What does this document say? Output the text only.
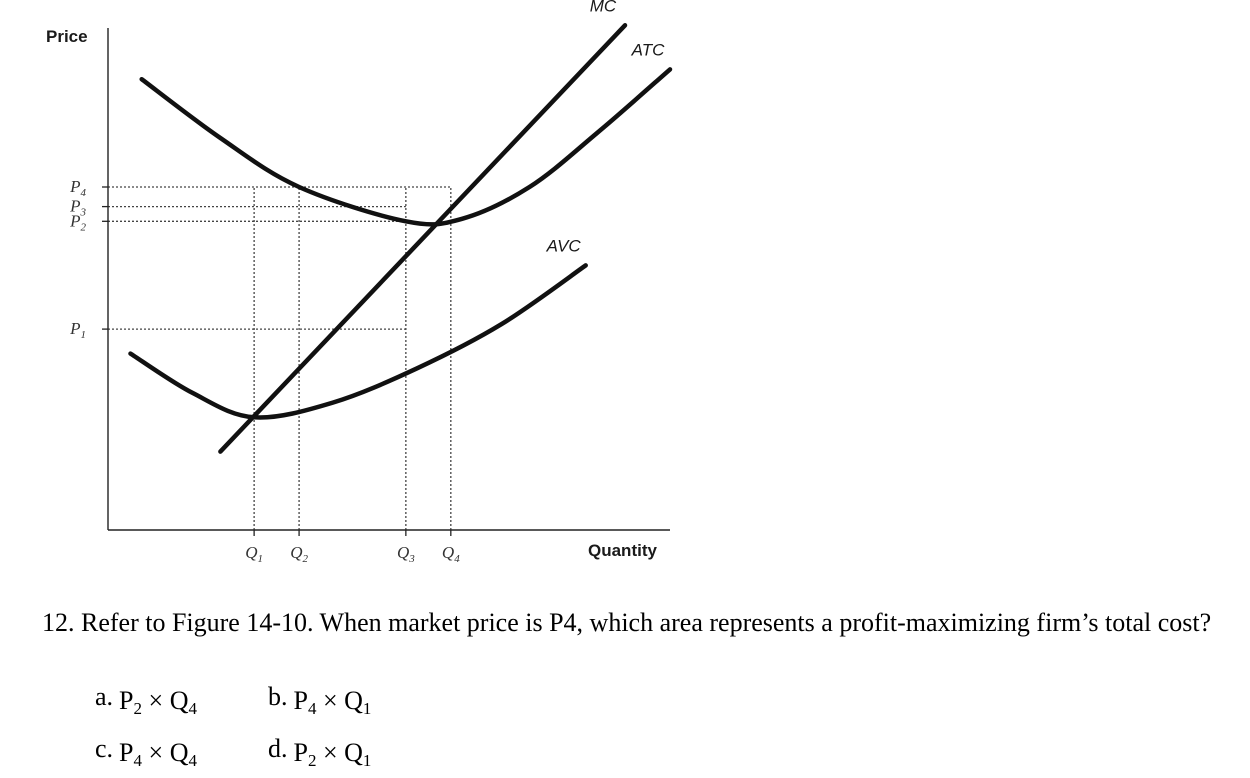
$P_4$
$P_3$
$P_2$
$P_1$
$Q_1$ $Q_2$	$Q_3$ $Q_4$
Price
Quantity
MC
ATC
AVC
12. Refer to Figure 14-10. When market price is P4, which area represents a profit-maximizing firm’s total cost?
a. $P_2 \times Q_4$	b. $P_4 \times Q_1$
c. $P_4 \times Q_4$	d. $P_2 \times Q_1$
